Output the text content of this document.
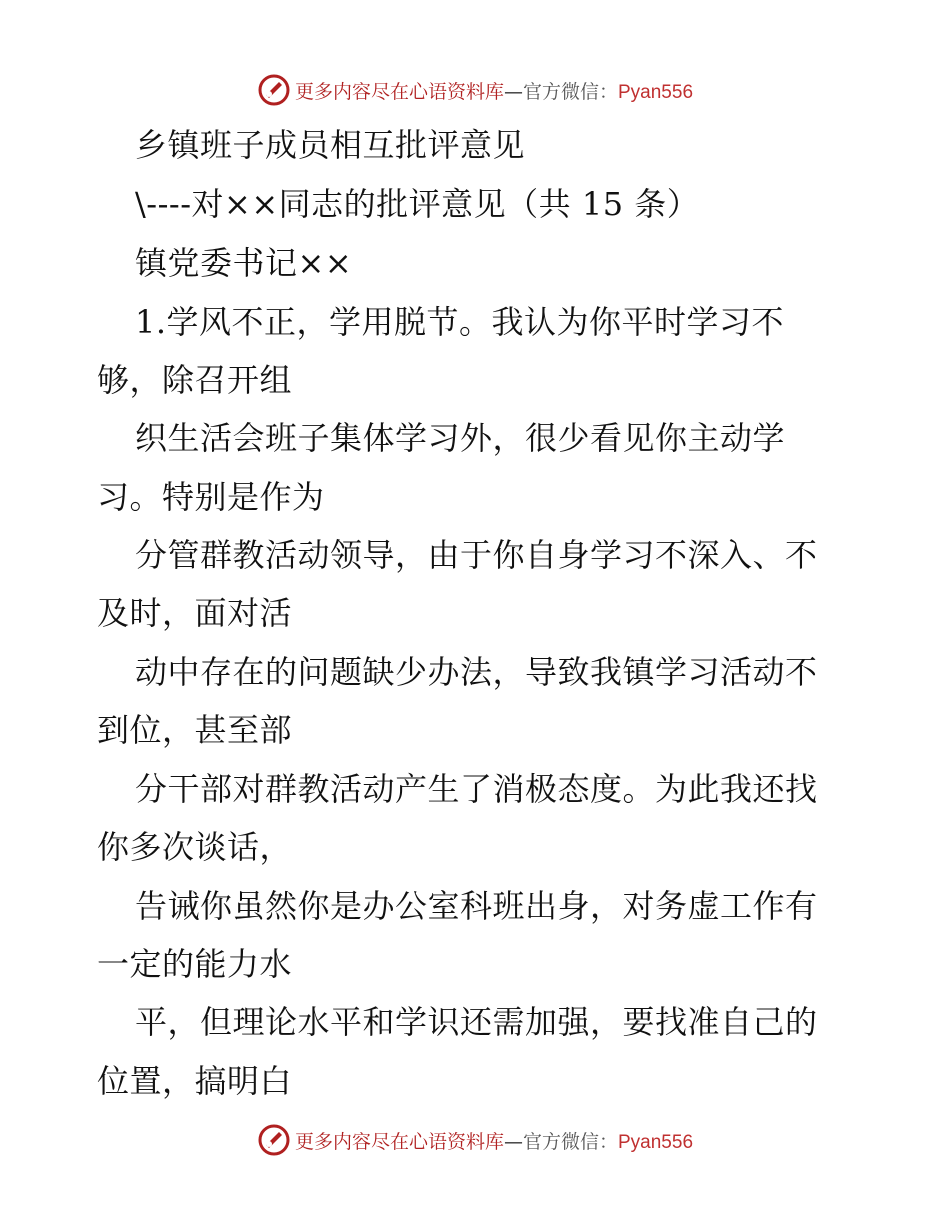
更多内容尽在心语资料库—官方微信：Pyan556
乡镇班子成员相互批评意见
\----对××同志的批评意见（共 15 条）
镇党委书记××
1.学风不正，学用脱节。我认为你平时学习不
够，除召开组
织生活会班子集体学习外，很少看见你主动学
习。特别是作为
分管群教活动领导，由于你自身学习不深入、不
及时，面对活
动中存在的问题缺少办法，导致我镇学习活动不
到位，甚至部
分干部对群教活动产生了消极态度。为此我还找
你多次谈话，
告诫你虽然你是办公室科班出身，对务虚工作有
一定的能力水
平，但理论水平和学识还需加强，要找准自己的
位置，搞明白
更多内容尽在心语资料库—官方微信：Pyan556
